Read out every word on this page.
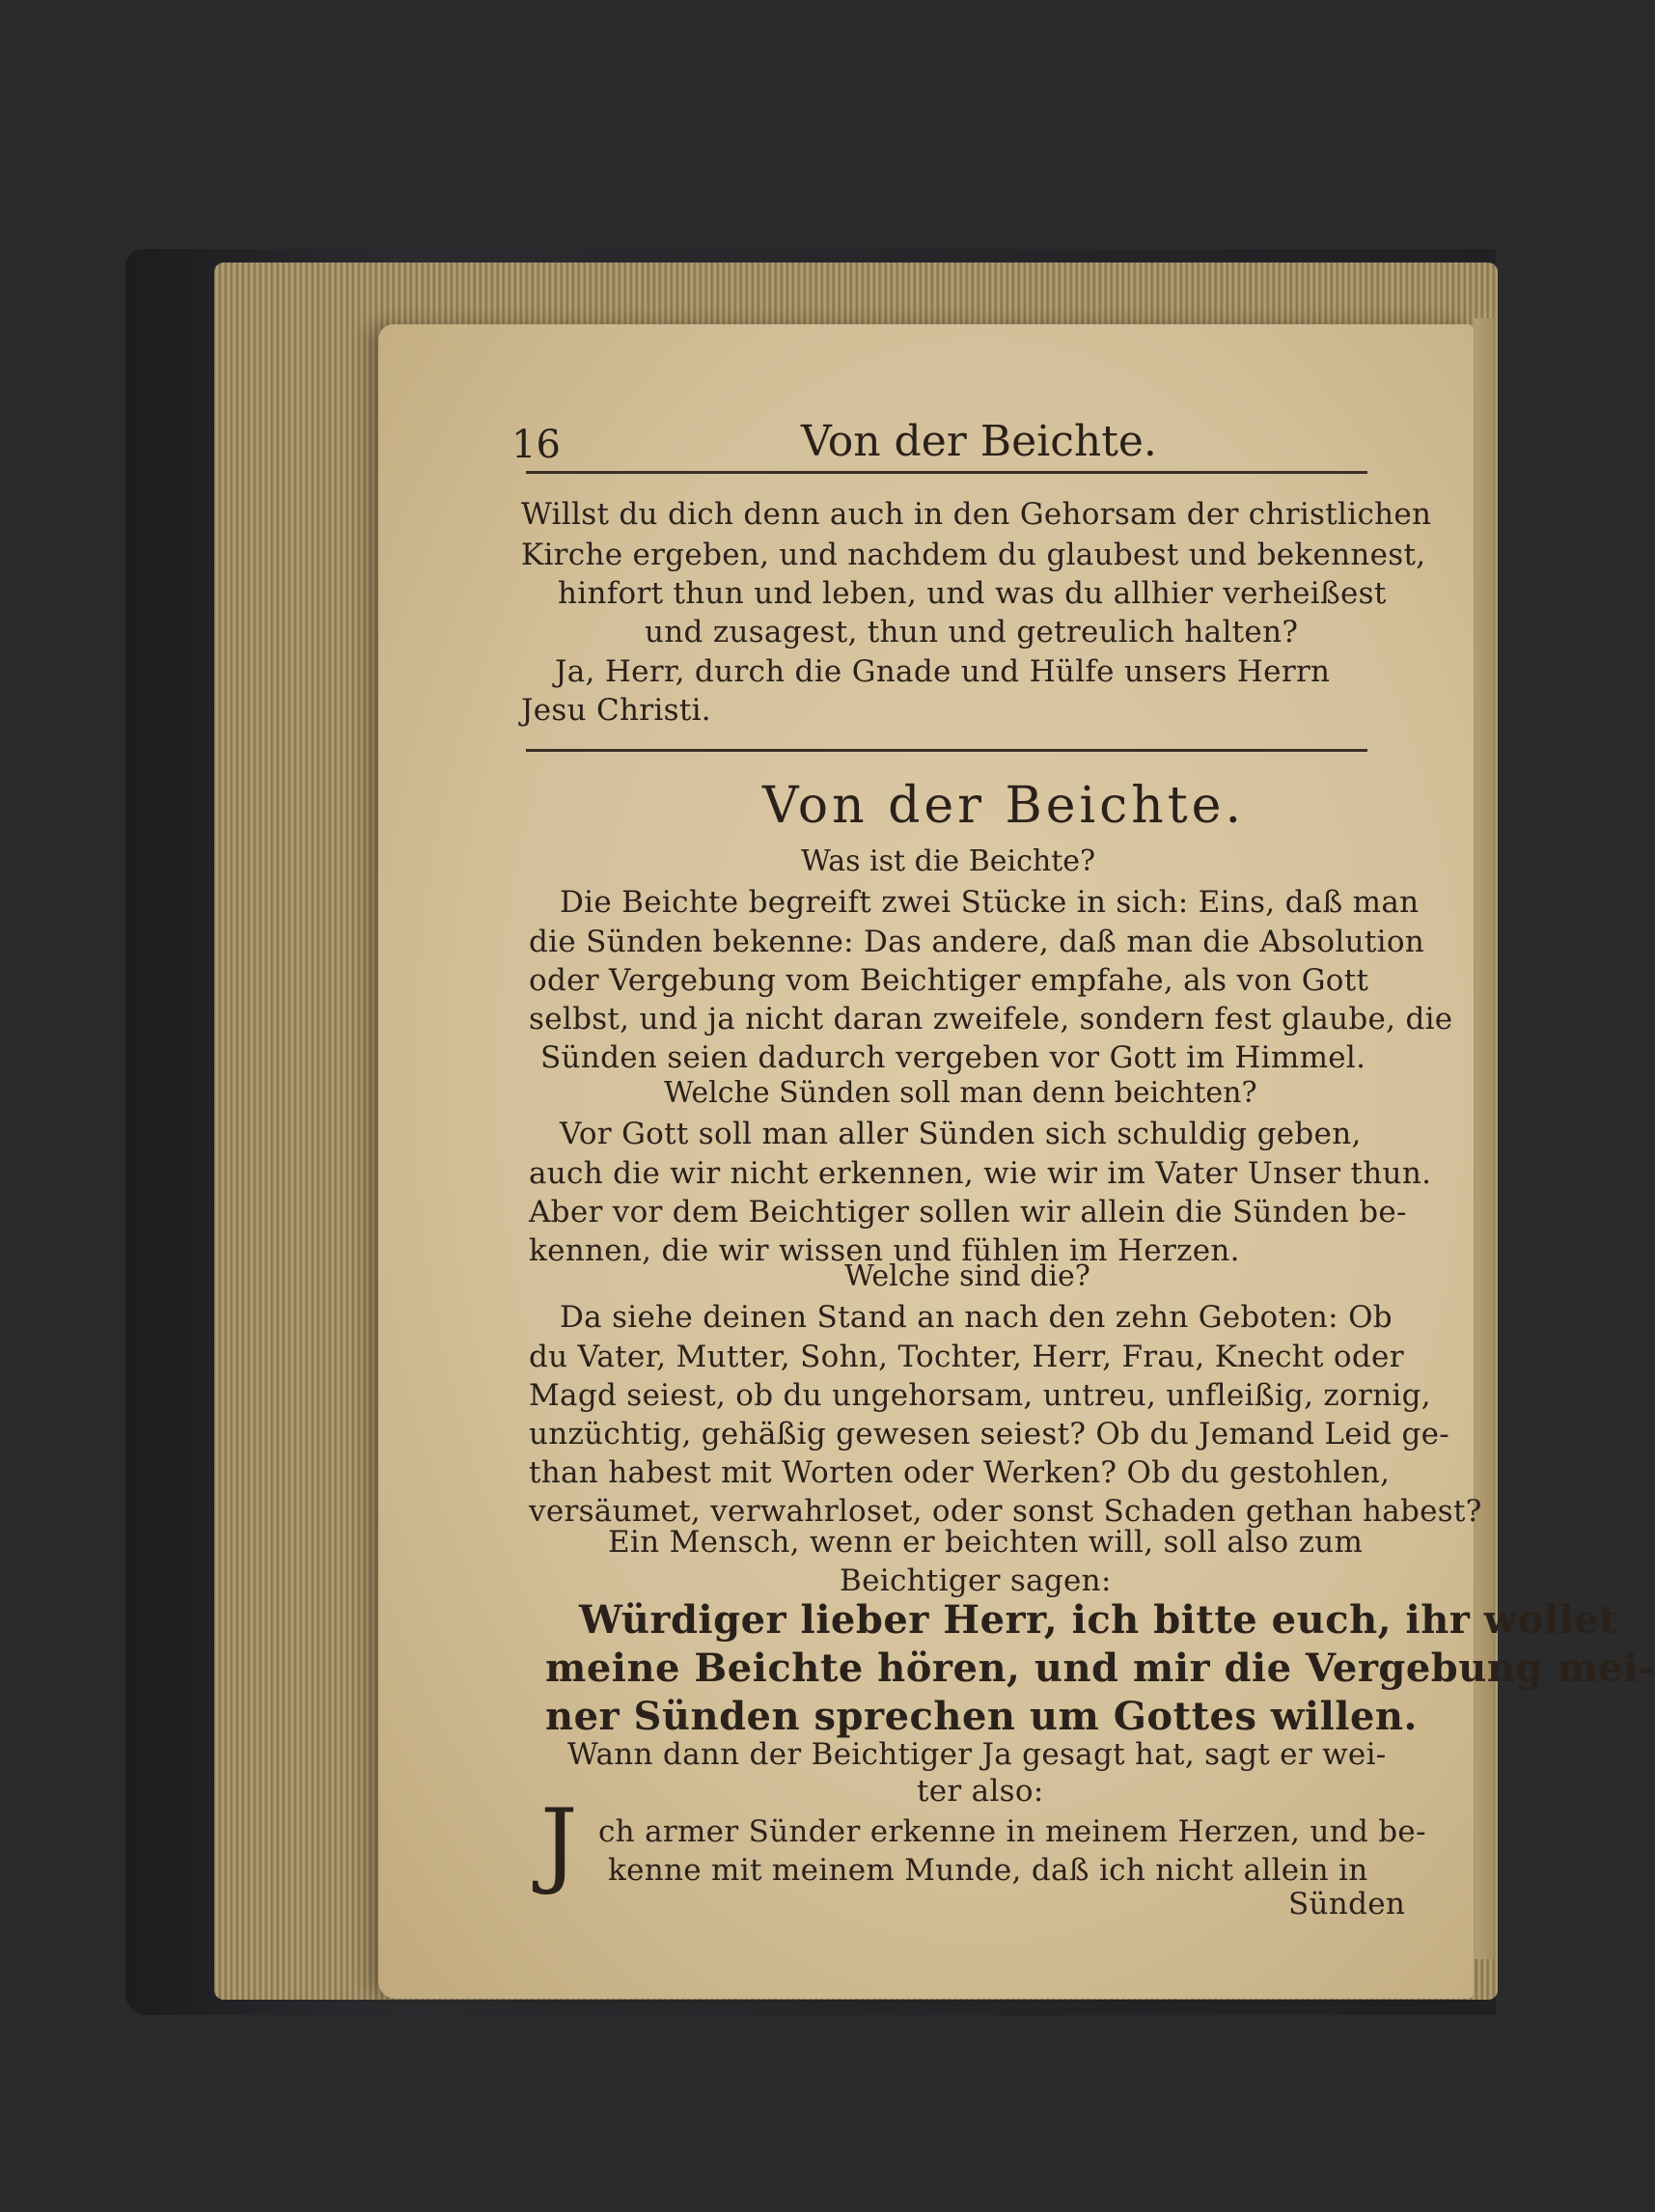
16	Von der Beichte.
Willst du dich denn auch in den Gehorsam der christlichen
Kirche ergeben, und nachdem du glaubest und bekennest,
hinfort thun und leben, und was du allhier verheißest
und zusagest, thun und getreulich halten?
Ja, Herr, durch die Gnade und Hülfe unsers Herrn
Jesu Christi.
Von der Beichte.
Was ist die Beichte?
Die Beichte begreift zwei Stücke in sich: Eins, daß man
die Sünden bekenne: Das andere, daß man die Absolution
oder Vergebung vom Beichtiger empfahe, als von Gott
selbst, und ja nicht daran zweifele, sondern fest glaube, die
Sünden seien dadurch vergeben vor Gott im Himmel.
Welche Sünden soll man denn beichten?
Vor Gott soll man aller Sünden sich schuldig geben,
auch die wir nicht erkennen, wie wir im Vater Unser thun.
Aber vor dem Beichtiger sollen wir allein die Sünden be-
kennen, die wir wissen und fühlen im Herzen.
Welche sind die?
Da siehe deinen Stand an nach den zehn Geboten: Ob
du Vater, Mutter, Sohn, Tochter, Herr, Frau, Knecht oder
Magd seiest, ob du ungehorsam, untreu, unfleißig, zornig,
unzüchtig, gehäßig gewesen seiest? Ob du Jemand Leid ge-
than habest mit Worten oder Werken? Ob du gestohlen,
versäumet, verwahrloset, oder sonst Schaden gethan habest?
Ein Mensch, wenn er beichten will, soll also zum
Beichtiger sagen:
Würdiger lieber Herr, ich bitte euch, ihr wollet
meine Beichte hören, und mir die Vergebung mei-
ner Sünden sprechen um Gottes willen.
Wann dann der Beichtiger Ja gesagt hat, sagt er wei-
ter also:
J ch armer Sünder erkenne in meinem Herzen, und be-
kenne mit meinem Munde, daß ich nicht allein in
Sünden
